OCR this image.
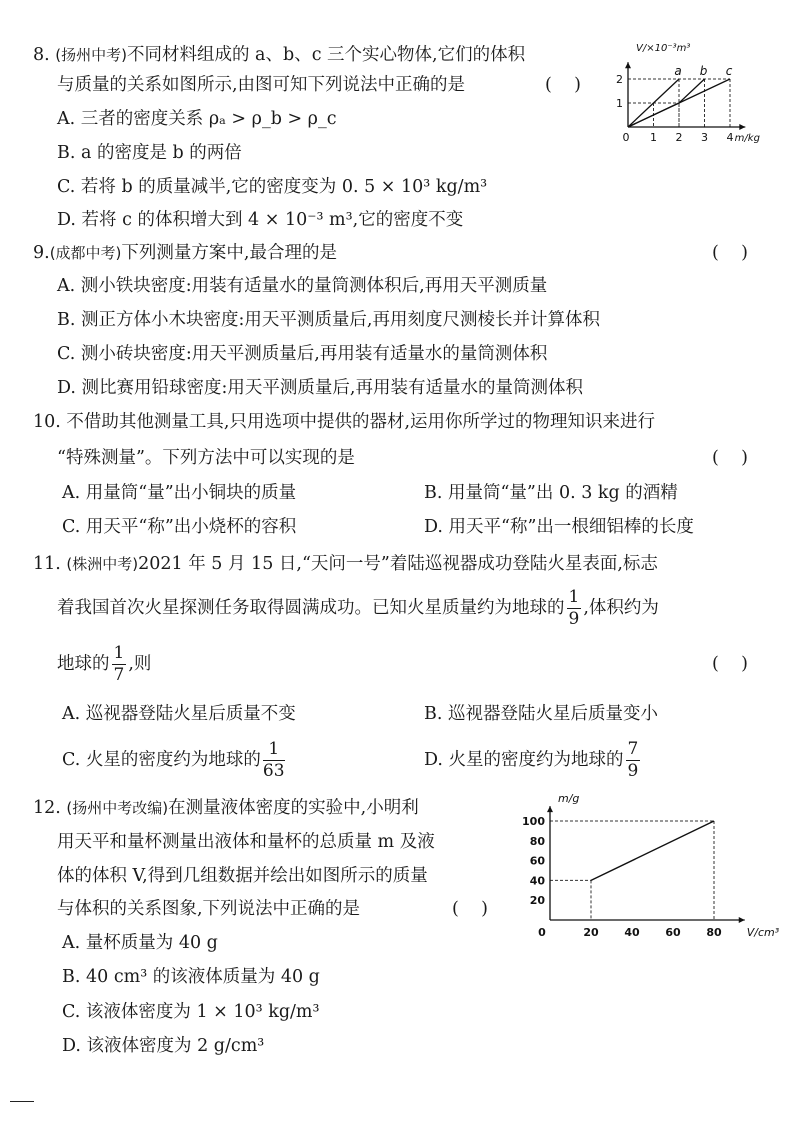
8. (扬州中考)不同材料组成的 a、b、c 三个实心物体,它们的体积
与质量的关系如图所示,由图可知下列说法中正确的是	(    )
A. 三者的密度关系 ρₐ > ρ_b > ρ_c
B. a 的密度是 b 的两倍
C. 若将 b 的质量减半,它的密度变为 0. 5 × 10³ kg/m³
D. 若将 c 的体积增大到 4 × 10⁻³ m³,它的密度不变
a b c
0 1 2 3 4
1
2
m/kg
V/×10⁻³m³
9.(成都中考)下列测量方案中,最合理的是	(    )
A. 测小铁块密度:用装有适量水的量筒测体积后,再用天平测质量
B. 测正方体小木块密度:用天平测质量后,再用刻度尺测棱长并计算体积
C. 测小砖块密度:用天平测质量后,再用装有适量水的量筒测体积
D. 测比赛用铅球密度:用天平测质量后,再用装有适量水的量筒测体积
10. 不借助其他测量工具,只用选项中提供的器材,运用你所学过的物理知识来进行
“特殊测量”。下列方法中可以实现的是	(    )
A. 用量筒“量”出小铜块的质量	B. 用量筒“量”出 0. 3 kg 的酒精
C. 用天平“称”出小烧杯的容积	D. 用天平“称”出一根细铝棒的长度
11. (株洲中考)2021 年 5 月 15 日,“天问一号”着陆巡视器成功登陆火星表面,标志
着我国首次火星探测任务取得圆满成功。已知火星质量约为地球的 $\frac{1}{9}$ ,体积约为
地球的 $\frac{1}{7}$ ,则	(    )
A. 巡视器登陆火星后质量不变	B. 巡视器登陆火星后质量变小
C. 火星的密度约为地球的 $\frac{1}{63}$	D. 火星的密度约为地球的 $\frac{7}{9}$
12. (扬州中考改编)在测量液体密度的实验中,小明利
用天平和量杯测量出液体和量杯的总质量 m 及液
体的体积 V,得到几组数据并绘出如图所示的质量
与体积的关系图象,下列说法中正确的是	(    )
A. 量杯质量为 40 g
B. 40 cm³ 的该液体质量为 40 g
C. 该液体密度为 1 × 10³ kg/m³
D. 该液体密度为 2 g/cm³
0	20 40 60 80
20
40
60
80
100
V/cm³
m/g
